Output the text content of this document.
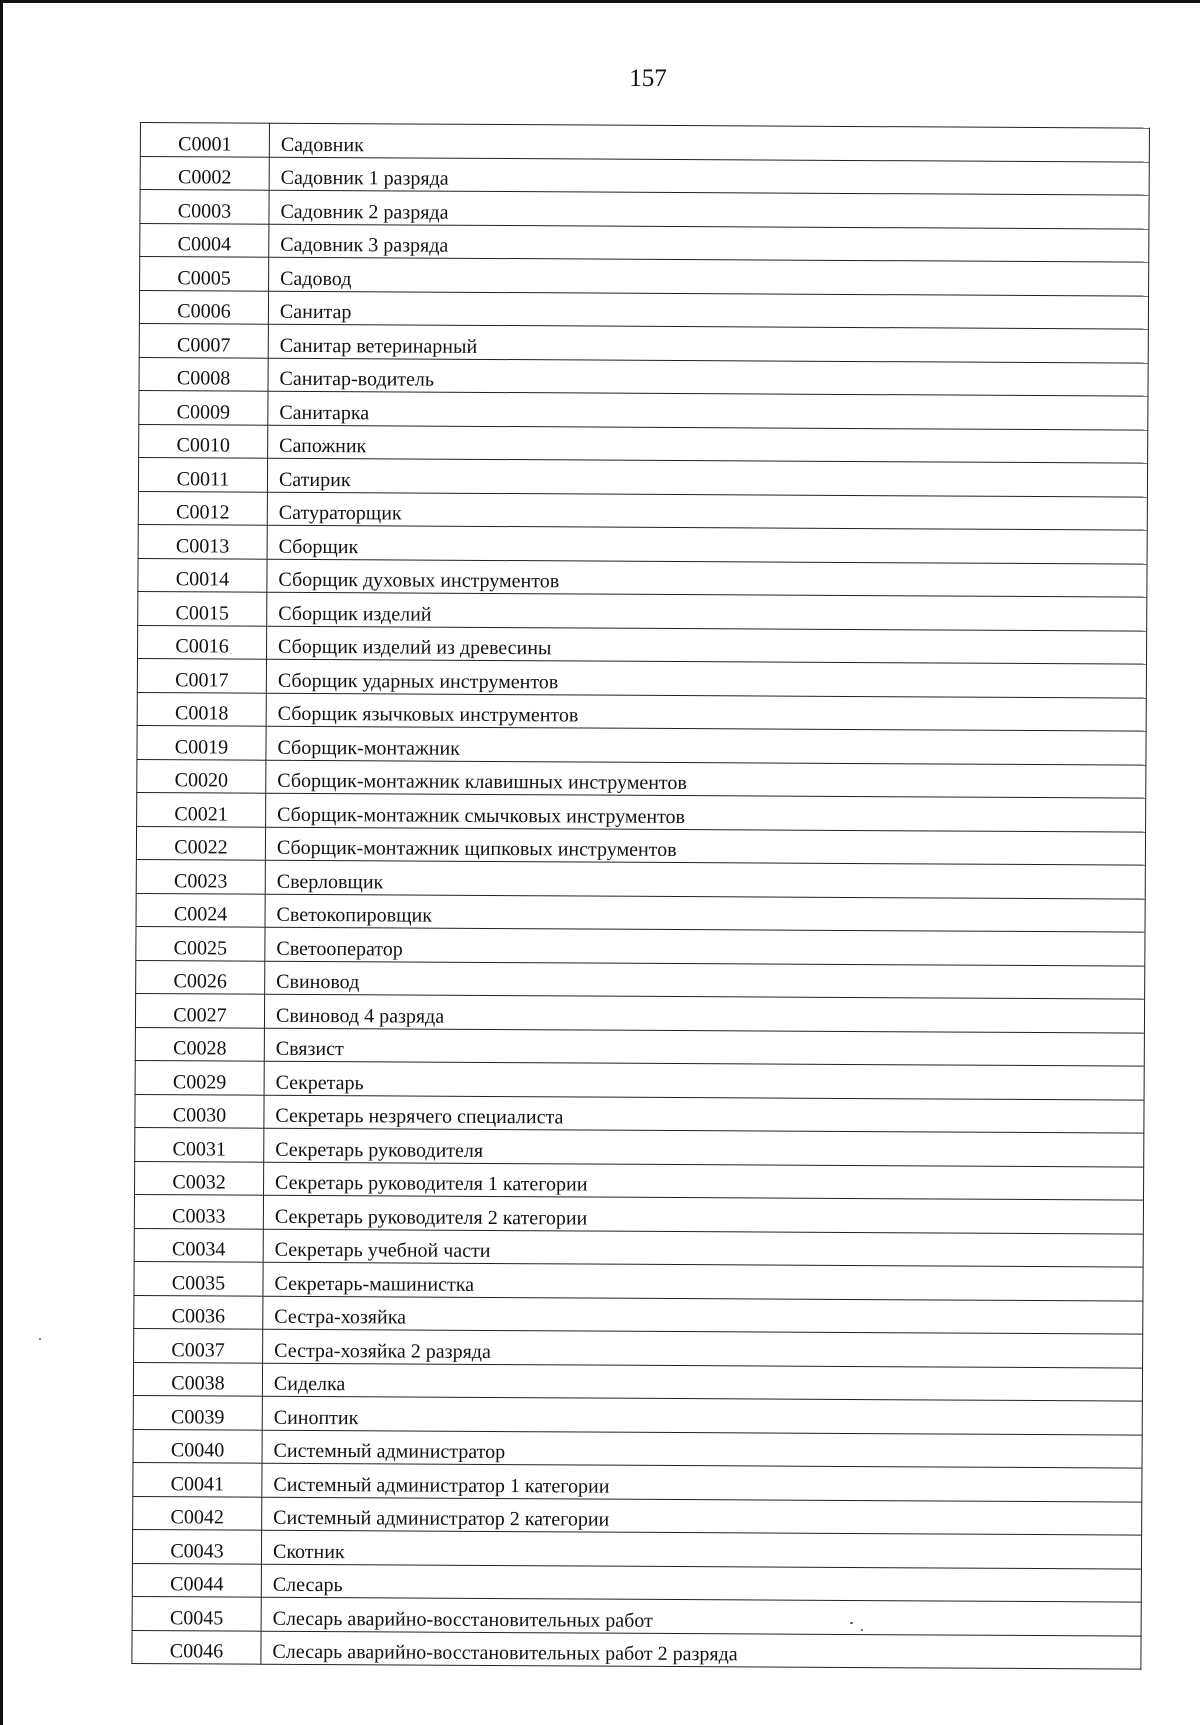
157
C0001	Садовник
C0002	Садовник 1 разряда
C0003	Садовник 2 разряда
C0004	Садовник 3 разряда
C0005	Садовод
C0006	Санитар
C0007	Санитар ветеринарный
C0008	Санитар-водитель
C0009	Санитарка
C0010	Сапожник
C0011	Сатирик
C0012	Сатураторщик
C0013	Сборщик
C0014	Сборщик духовых инструментов
C0015	Сборщик изделий
C0016	Сборщик изделий из древесины
C0017	Сборщик ударных инструментов
C0018	Сборщик язычковых инструментов
C0019	Сборщик-монтажник
C0020	Сборщик-монтажник клавишных инструментов
C0021	Сборщик-монтажник смычковых инструментов
C0022	Сборщик-монтажник щипковых инструментов
C0023	Сверловщик
C0024	Светокопировщик
C0025	Светооператор
C0026	Свиновод
C0027	Свиновод 4 разряда
C0028	Связист
C0029	Секретарь
C0030	Секретарь незрячего специалиста
C0031	Секретарь руководителя
C0032	Секретарь руководителя 1 категории
C0033	Секретарь руководителя 2 категории
C0034	Секретарь учебной части
C0035	Секретарь-машинистка
C0036	Сестра-хозяйка
C0037	Сестра-хозяйка 2 разряда
C0038	Сиделка
C0039	Синоптик
C0040	Системный администратор
C0041	Системный администратор 1 категории
C0042	Системный администратор 2 категории
C0043	Скотник
C0044	Слесарь
C0045	Слесарь аварийно-восстановительных работ
C0046	Слесарь аварийно-восстановительных работ 2 разряда
